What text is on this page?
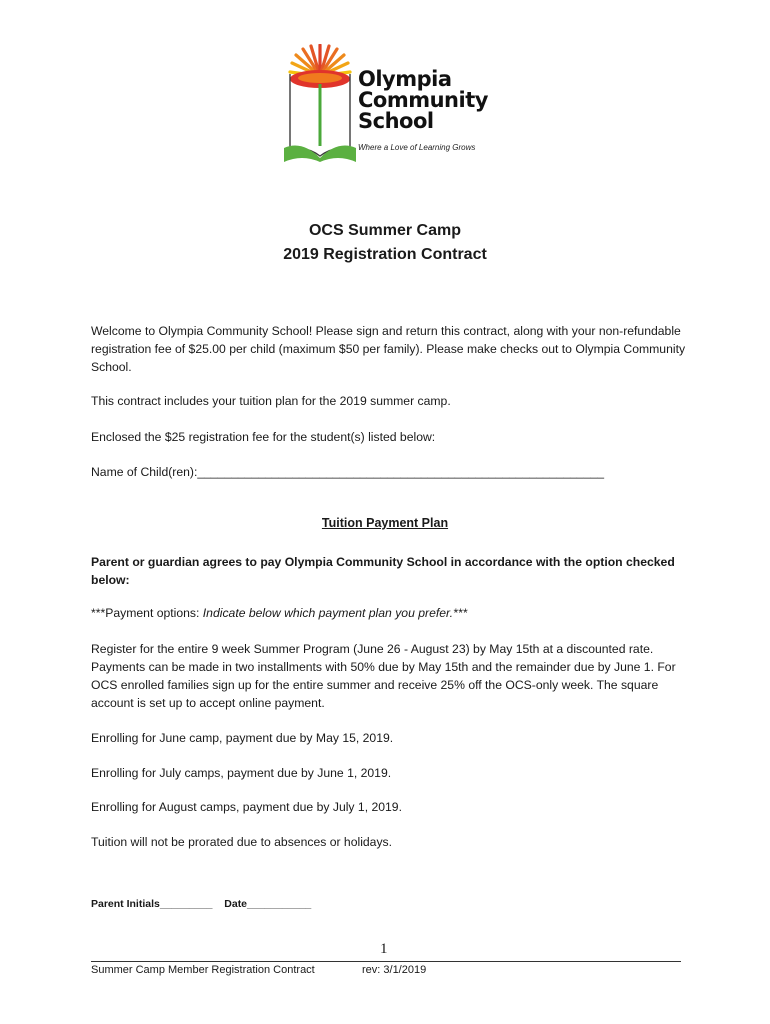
Olympia
Community
School
Where a Love of Learning Grows
OCS Summer Camp
2019 Registration Contract
Welcome to Olympia Community School! Please sign and return this contract, along with your non-refundable registration fee of $25.00 per child (maximum $50 per family). Please make checks out to Olympia Community School.
This contract includes your tuition plan for the 2019 summer camp.
Enclosed the $25 registration fee for the student(s) listed below:
Name of Child(ren):____________________________________________________________
Tuition Payment Plan
Parent or guardian agrees to pay Olympia Community School in accordance with the option checked below:
***Payment options: Indicate below which payment plan you prefer.***
Register for the entire 9 week Summer Program (June 26 - August 23) by May 15th at a discounted rate. Payments can be made in two installments with 50% due by May 15th and the remainder due by June 1. For OCS enrolled families sign up for the entire summer and receive 25% off the OCS-only week. The square account is set up to accept online payment.
Enrolling for June camp, payment due by May 15, 2019.
Enrolling for July camps, payment due by June 1, 2019.
Enrolling for August camps, payment due by July 1, 2019.
Tuition will not be prorated due to absences or holidays.
Parent Initials_________ Date___________
1
Summer Camp Member Registration Contract	rev: 3/1/2019
